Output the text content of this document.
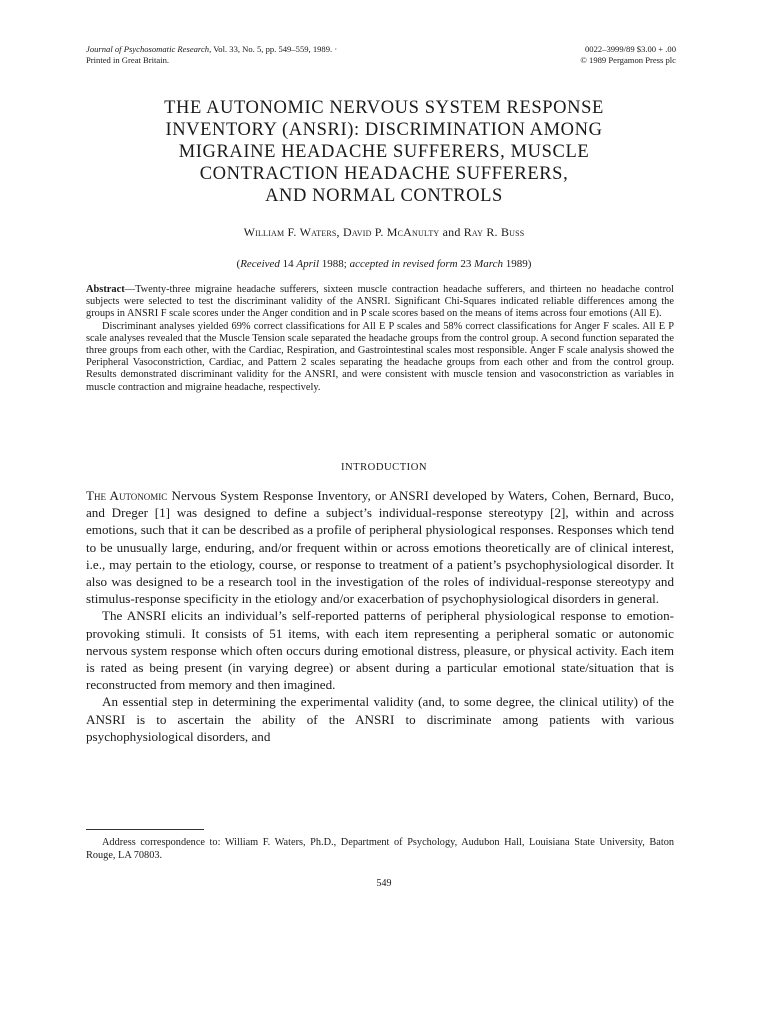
Journal of Psychosomatic Research, Vol. 33, No. 5, pp. 549–559, 1989. ·
Printed in Great Britain.
0022–3999/89 $3.00 + .00
© 1989 Pergamon Press plc
THE AUTONOMIC NERVOUS SYSTEM RESPONSE
INVENTORY (ANSRI): DISCRIMINATION AMONG
MIGRAINE HEADACHE SUFFERERS, MUSCLE
CONTRACTION HEADACHE SUFFERERS,
AND NORMAL CONTROLS
William F. Waters, David P. McAnulty and Ray R. Buss
(Received 14 April 1988; accepted in revised form 23 March 1989)

Abstract—Twenty-three migraine headache sufferers, sixteen muscle contraction headache sufferers, and thirteen no headache control subjects were selected to test the discriminant validity of the ANSRI. Significant Chi-Squares indicated reliable differences among the groups in ANSRI F scale scores under the Anger condition and in P scale scores based on the means of items across four emotions (All E).

Discriminant analyses yielded 69% correct classifications for All E P scales and 58% correct classifications for Anger F scales. All E P scale analyses revealed that the Muscle Tension scale separated the headache groups from the control group. A second function separated the three groups from each other, with the Cardiac, Respiration, and Gastrointestinal scales most responsible. Anger F scale analysis showed the Peripheral Vasoconstriction, Cardiac, and Pattern 2 scales separating the headache groups from each other and from the control group. Results demonstrated discriminant validity for the ANSRI, and were consistent with muscle tension and vasoconstriction as variables in muscle contraction and migraine headache, respectively.

INTRODUCTION

The Autonomic Nervous System Response Inventory, or ANSRI developed by Waters, Cohen, Bernard, Buco, and Dreger [1] was designed to define a subject’s individual-response stereotypy [2], within and across emotions, such that it can be described as a profile of peripheral physiological responses. Responses which tend to be unusually large, enduring, and/or frequent within or across emotions theoretically are of clinical interest, i.e., may pertain to the etiology, course, or response to treatment of a patient’s psychophysiological disorder. It also was designed to be a research tool in the investigation of the roles of individual-response stereotypy and stimulus-response specificity in the etiology and/or exacerbation of psychophysiological disorders in general.

The ANSRI elicits an individual’s self-reported patterns of peripheral physiological response to emotion-provoking stimuli. It consists of 51 items, with each item representing a peripheral somatic or autonomic nervous system response which often occurs during emotional distress, pleasure, or physical activity. Each item is rated as being present (in varying degree) or absent during a particular emotional state/situation that is reconstructed from memory and then imagined.

An essential step in determining the experimental validity (and, to some degree, the clinical utility) of the ANSRI is to ascertain the ability of the ANSRI to discriminate among patients with various psychophysiological disorders, and

Address correspondence to: William F. Waters, Ph.D., Department of Psychology, Audubon Hall, Louisiana State University, Baton Rouge, LA 70803.
549
